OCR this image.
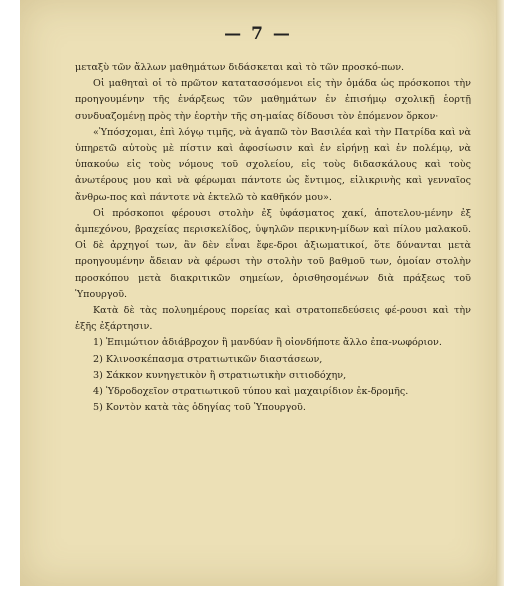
— 7 —

μεταξὺ τῶν ἄλλων μαθημάτων διδάσκεται καὶ τὸ τῶν προσκό-πων.

Οἱ μαθηταὶ οἱ τὸ πρῶτον κατατασσόμενοι εἰς τὴν ὁμάδα ὡς πρόσκοποι τὴν προηγουμένην τῆς ἐνάρξεως τῶν μαθημάτων ἐν ἐπισήμῳ σχολικῇ ἑορτῇ συνδυαζομένῃ πρὸς τὴν ἑορτὴν τῆς ση-μαίας δίδουσι τὸν ἑπόμενον ὅρκον·

«Ὑπόσχομαι, ἐπὶ λόγῳ τιμῆς, νὰ ἀγαπῶ τὸν Βασιλέα καὶ τὴν Πατρίδα καὶ νὰ ὑπηρετῶ αὐτοὺς μὲ πίστιν καὶ ἀφοσίωσιν καὶ ἐν εἰρήνῃ καὶ ἐν πολέμῳ, νὰ ὑπακούω εἰς τοὺς νόμους τοῦ σχολείου, εἰς τοὺς διδασκάλους καὶ τοὺς ἀνωτέρους μου καὶ νὰ φέρωμαι πάντοτε ὡς ἔντιμος, εἰλικρινὴς καὶ γενναῖος ἄνθρω-πος καὶ πάντοτε νὰ ἐκτελῶ τὸ καθῆκόν μου».

Οἱ πρόσκοποι φέρουσι στολὴν ἐξ ὑφάσματος χακί, ἀποτελου-μένην ἐξ ἀμπεχόνου, βραχείας περισκελίδος, ὑψηλῶν περικνη-μίδων καὶ πίλου μαλακοῦ. Οἱ δὲ ἀρχηγοί των, ἂν δὲν εἶναι ἔφε-δροι ἀξιωματικοί, ὅτε δύνανται μετὰ προηγουμένην ἄδειαν νὰ φέρωσι τὴν στολὴν τοῦ βαθμοῦ των, ὁμοίαν στολὴν προσκόπου μετὰ διακριτικῶν σημείων, ὁρισθησομένων διὰ πράξεως τοῦ Ὑπουργοῦ.

Κατὰ δὲ τὰς πολυημέρους πορείας καὶ στρατοπεδεύσεις φέ-ρουσι καὶ τὴν ἑξῆς ἐξάρτησιν.

1) Ἐπιμώτιον ἀδιάβροχον ἢ μανδύαν ἢ οἱονδήποτε ἄλλο ἐπα-νωφόριον.

2) Κλινοσκέπασμα στρατιωτικῶν διαστάσεων,

3) Σάκκον κυνηγετικὸν ἢ στρατιωτικὴν σιτιοδόχην,

4) Ὑδροδοχεῖον στρατιωτικοῦ τύπου καὶ μαχαιρίδιον ἐκ-δρομῆς.

5) Κοντὸν κατὰ τὰς ὁδηγίας τοῦ Ὑπουργοῦ.
